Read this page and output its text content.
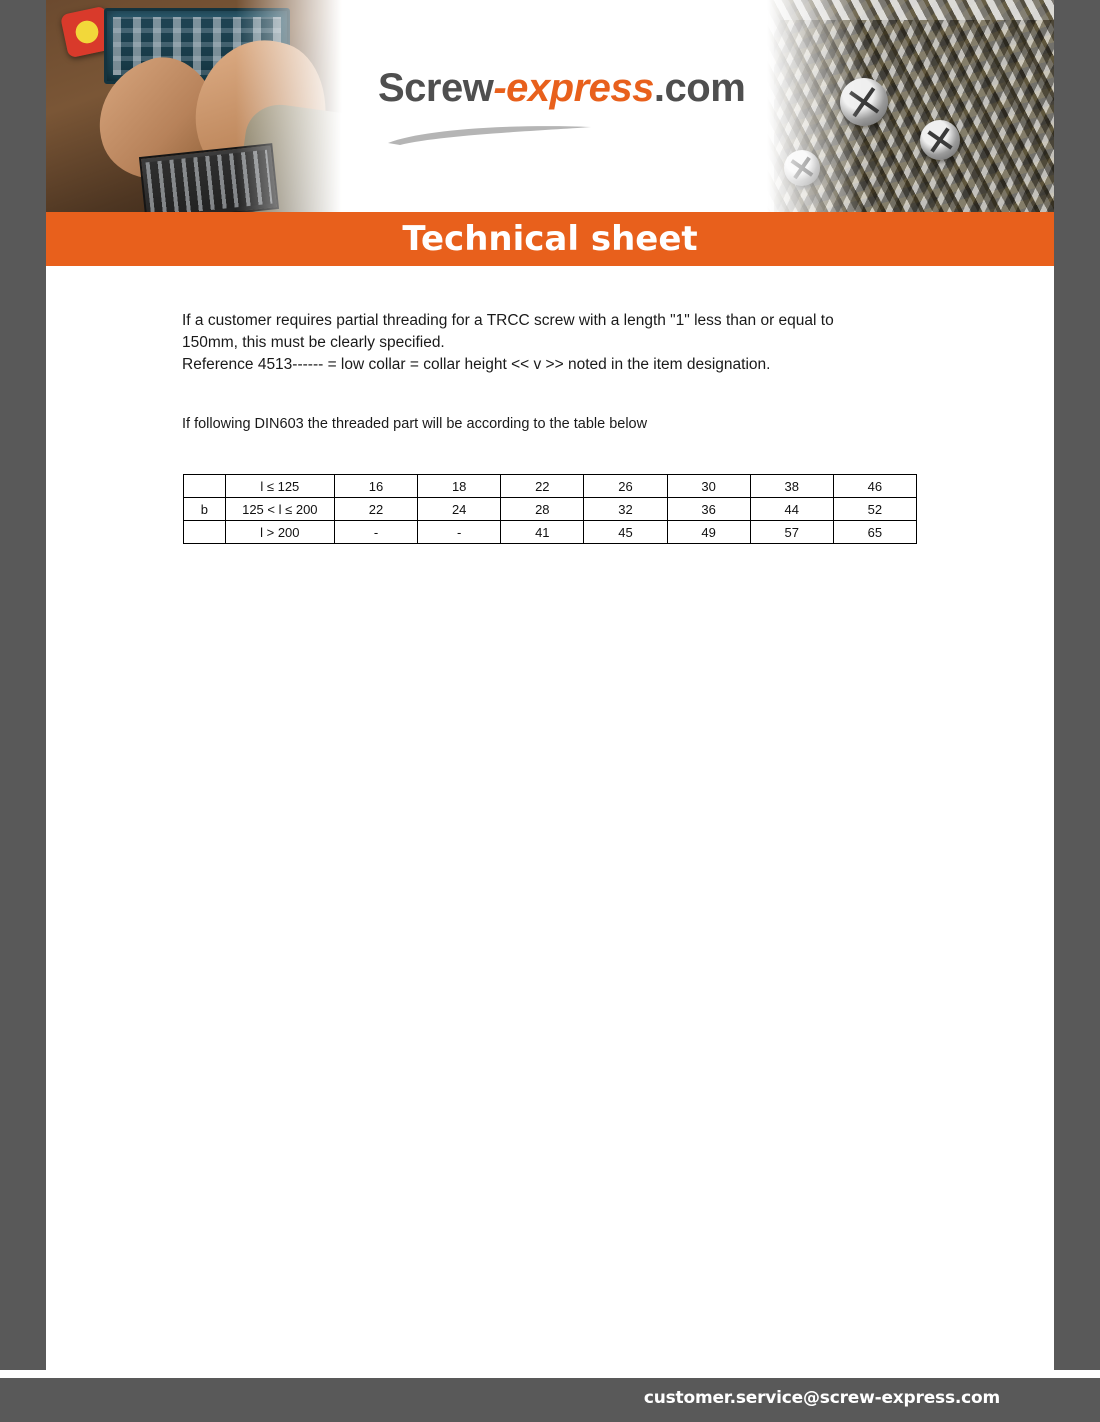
Screw-express.com
Technical sheet
If a customer requires partial threading for a TRCC screw with a length "1" less than or equal to
150mm, this must be clearly specified.
Reference 4513------ = low collar = collar height << v >> noted in the item designation.
If following DIN603 the threaded part will be according to the table below
	l ≤ 125	16	18	22	26	30	38	46
b	125 < l ≤ 200	22	24	28	32	36	44	52
	l > 200	-	-	41	45	49	57	65
customer.service@screw-express.com
